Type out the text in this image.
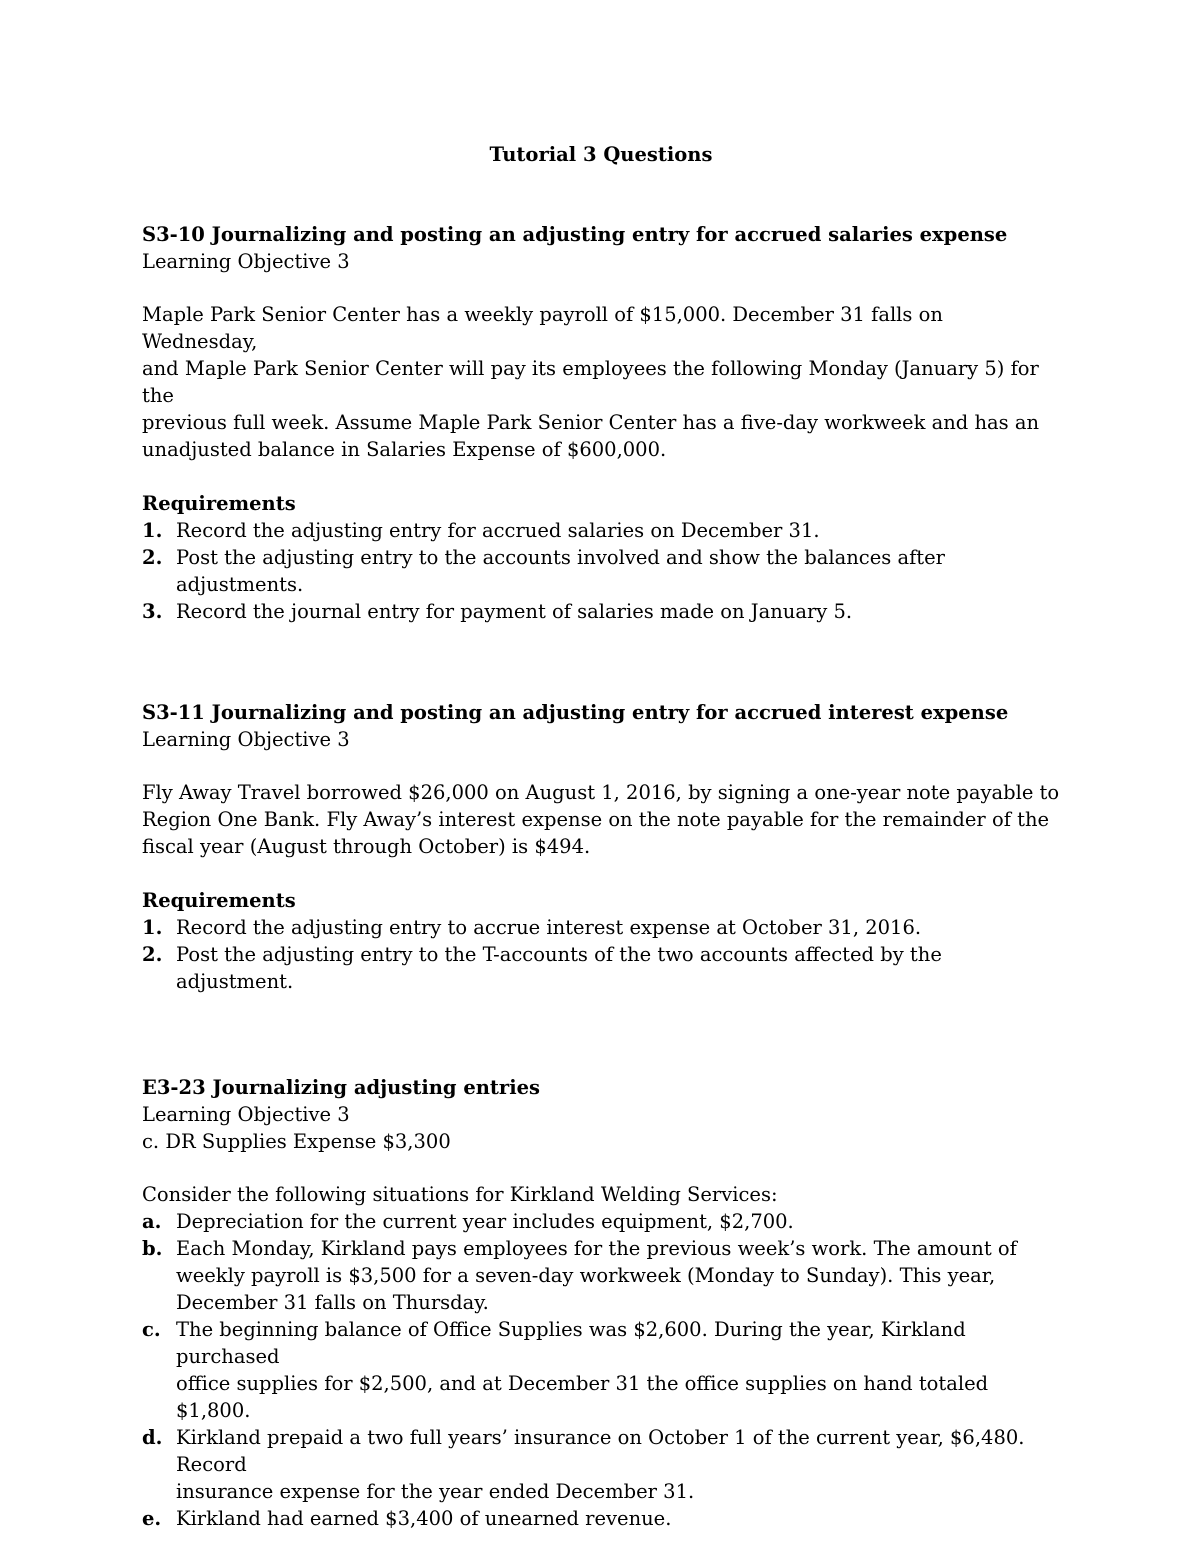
Tutorial 3 Questions
S3-10 Journalizing and posting an adjusting entry for accrued salaries expense
Learning Objective 3
Maple Park Senior Center has a weekly payroll of $15,000. December 31 falls on Wednesday,
and Maple Park Senior Center will pay its employees the following Monday (January 5) for the
previous full week. Assume Maple Park Senior Center has a five-day workweek and has an
unadjusted balance in Salaries Expense of $600,000.
Requirements
1. Record the adjusting entry for accrued salaries on December 31.
2. Post the adjusting entry to the accounts involved and show the balances after adjustments.
3. Record the journal entry for payment of salaries made on January 5.
S3-11 Journalizing and posting an adjusting entry for accrued interest expense
Learning Objective 3
Fly Away Travel borrowed $26,000 on August 1, 2016, by signing a one-year note payable to
Region One Bank. Fly Away’s interest expense on the note payable for the remainder of the
fiscal year (August through October) is $494.
Requirements
1. Record the adjusting entry to accrue interest expense at October 31, 2016.
2. Post the adjusting entry to the T-accounts of the two accounts affected by the adjustment.
E3-23 Journalizing adjusting entries
Learning Objective 3
c. DR Supplies Expense $3,300
Consider the following situations for Kirkland Welding Services:
a. Depreciation for the current year includes equipment, $2,700.
b. Each Monday, Kirkland pays employees for the previous week’s work. The amount of
weekly payroll is $3,500 for a seven-day workweek (Monday to Sunday). This year,
December 31 falls on Thursday.
c. The beginning balance of Office Supplies was $2,600. During the year, Kirkland purchased
office supplies for $2,500, and at December 31 the office supplies on hand totaled $1,800.
d. Kirkland prepaid a two full years’ insurance on October 1 of the current year, $6,480. Record
insurance expense for the year ended December 31.
e. Kirkland had earned $3,400 of unearned revenue.
